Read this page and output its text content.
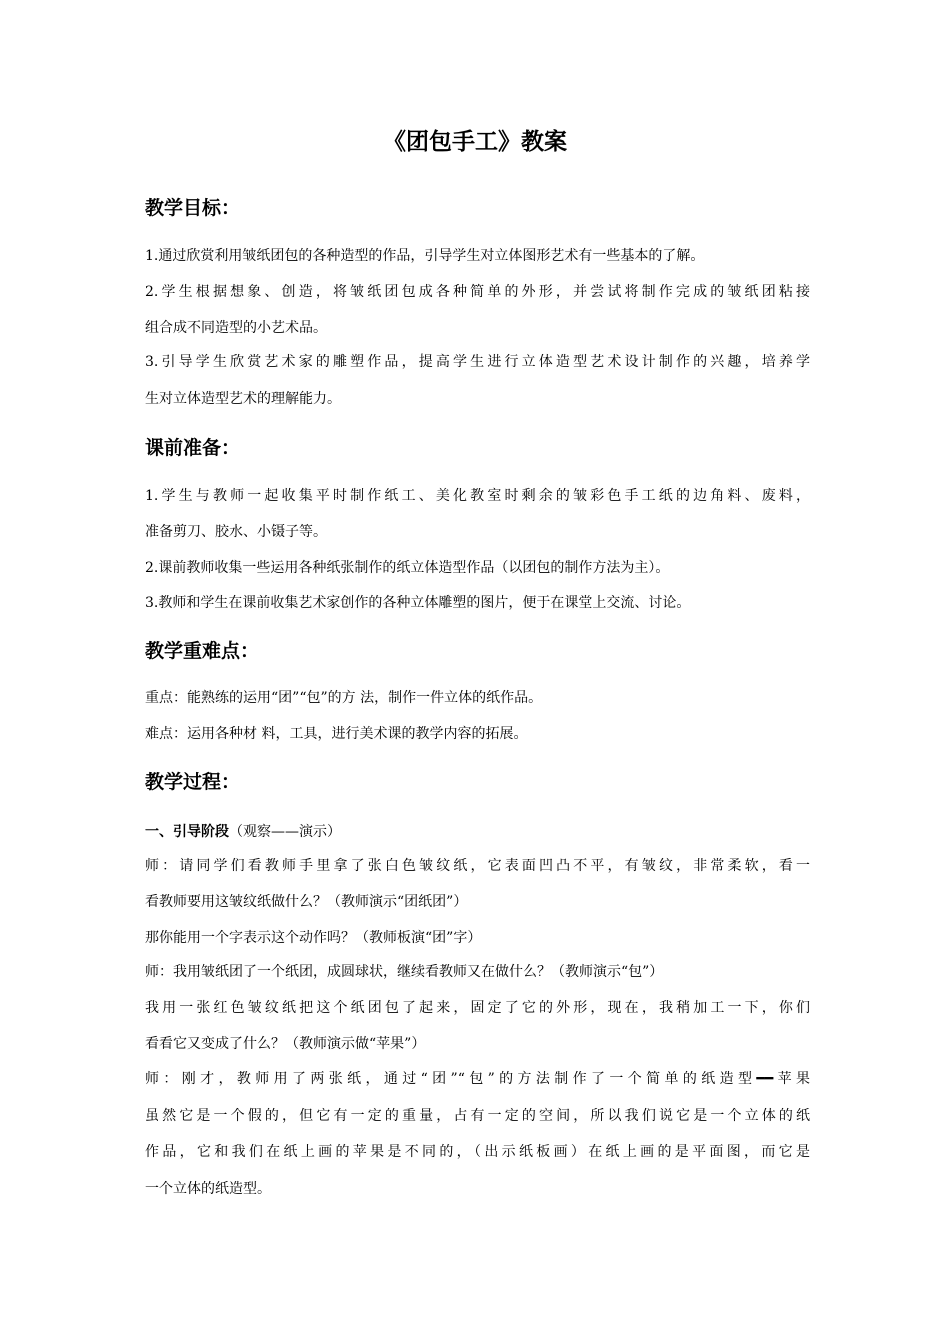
《团包手工》教案
教学目标：

1.通过欣赏利用皱纸团包的各种造型的作品，引导学生对立体图形艺术有一些基本的了解。

2.学生根据想象、创造，将皱纸团包成各种简单的外形，并尝试将制作完成的皱纸团粘接

组合成不同造型的小艺术品。

3.引导学生欣赏艺术家的雕塑作品，提高学生进行立体造型艺术设计制作的兴趣，培养学

生对立体造型艺术的理解能力。

课前准备：

1.学生与教师一起收集平时制作纸工、美化教室时剩余的皱彩色手工纸的边角料、废料，

准备剪刀、胶水、小镊子等。

2.课前教师收集一些运用各种纸张制作的纸立体造型作品（以团包的制作方法为主）。

3.教师和学生在课前收集艺术家创作的各种立体雕塑的图片，便于在课堂上交流、讨论。

教学重难点：

重点：能熟练的运用“团”“包”的方 法，制作一件立体的纸作品。

难点：运用各种材 料，工具，进行美术课的教学内容的拓展。

教学过程：

一、引导阶段（观察——演示）

师：请同学们看教师手里拿了张白色皱纹纸，它表面凹凸不平，有皱纹，非常柔软，看一

看教师要用这皱纹纸做什么？（教师演示“团纸团”）

那你能用一个字表示这个动作吗？（教师板演“团”字）

师：我用皱纸团了一个纸团，成圆球状，继续看教师又在做什么？（教师演示“包”）

我用一张红色皱纹纸把这个纸团包了起来，固定了它的外形，现在，我稍加工一下，你们

看看它又变成了什么？（教师演示做“苹果”）

师：刚才，教师用了两张纸，通过“团”“包”的方法制作了一个简单的纸造型━━苹果

虽然它是一个假的，但它有一定的重量，占有一定的空间，所以我们说它是一个立体的纸

作品，它和我们在纸上画的苹果是不同的，（出示纸板画）在纸上画的是平面图，而它是

一个立体的纸造型。
